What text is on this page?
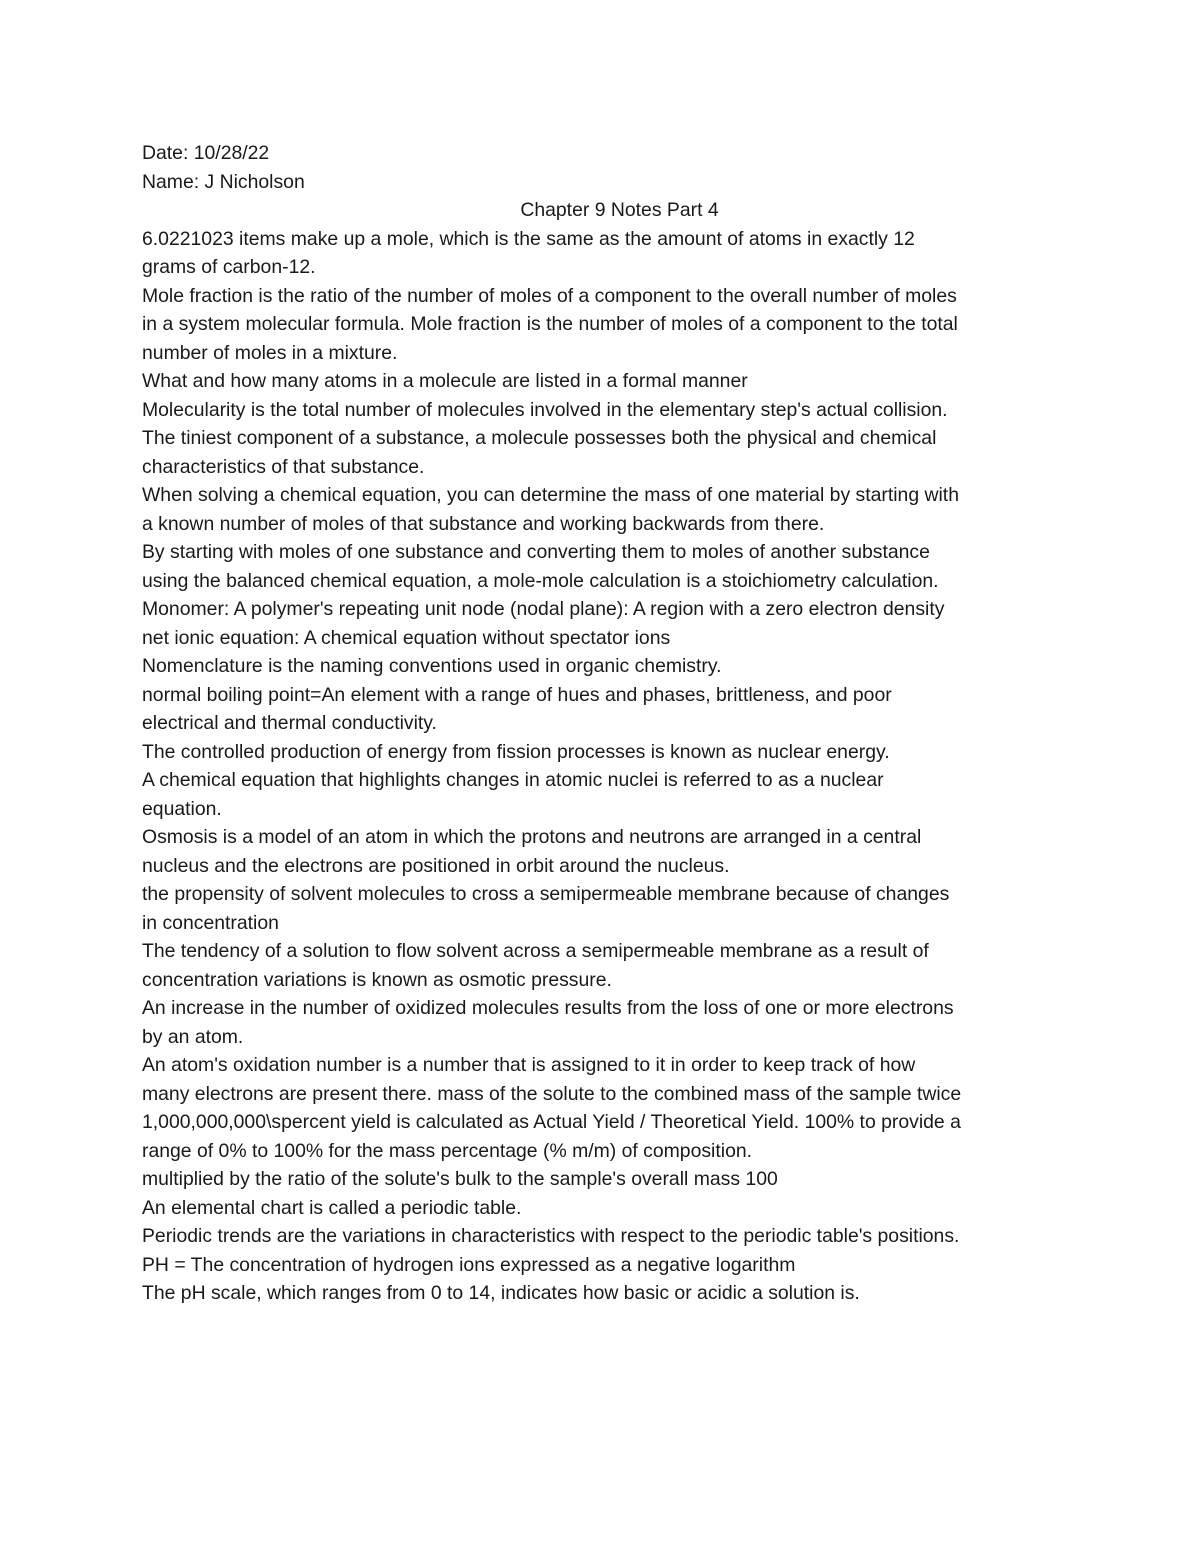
Date: 10/28/22
Name: J Nicholson
Chapter 9 Notes Part 4
6.0221023 items make up a mole, which is the same as the amount of atoms in exactly 12
grams of carbon-12.
Mole fraction is the ratio of the number of moles of a component to the overall number of moles
in a system molecular formula. Mole fraction is the number of moles of a component to the total
number of moles in a mixture.
What and how many atoms in a molecule are listed in a formal manner
Molecularity is the total number of molecules involved in the elementary step's actual collision.
The tiniest component of a substance, a molecule possesses both the physical and chemical
characteristics of that substance.
When solving a chemical equation, you can determine the mass of one material by starting with
a known number of moles of that substance and working backwards from there.
By starting with moles of one substance and converting them to moles of another substance
using the balanced chemical equation, a mole-mole calculation is a stoichiometry calculation.
Monomer: A polymer's repeating unit node (nodal plane): A region with a zero electron density
net ionic equation: A chemical equation without spectator ions
Nomenclature is the naming conventions used in organic chemistry.
normal boiling point=An element with a range of hues and phases, brittleness, and poor
electrical and thermal conductivity.
The controlled production of energy from fission processes is known as nuclear energy.
A chemical equation that highlights changes in atomic nuclei is referred to as a nuclear
equation.
Osmosis is a model of an atom in which the protons and neutrons are arranged in a central
nucleus and the electrons are positioned in orbit around the nucleus.
the propensity of solvent molecules to cross a semipermeable membrane because of changes
in concentration
The tendency of a solution to flow solvent across a semipermeable membrane as a result of
concentration variations is known as osmotic pressure.
An increase in the number of oxidized molecules results from the loss of one or more electrons
by an atom.
An atom's oxidation number is a number that is assigned to it in order to keep track of how
many electrons are present there. mass of the solute to the combined mass of the sample twice
1,000,000,000\spercent yield is calculated as Actual Yield / Theoretical Yield. 100% to provide a
range of 0% to 100% for the mass percentage (% m/m) of composition.
multiplied by the ratio of the solute's bulk to the sample's overall mass 100
An elemental chart is called a periodic table.
Periodic trends are the variations in characteristics with respect to the periodic table's positions.
PH = The concentration of hydrogen ions expressed as a negative logarithm
The pH scale, which ranges from 0 to 14, indicates how basic or acidic a solution is.
